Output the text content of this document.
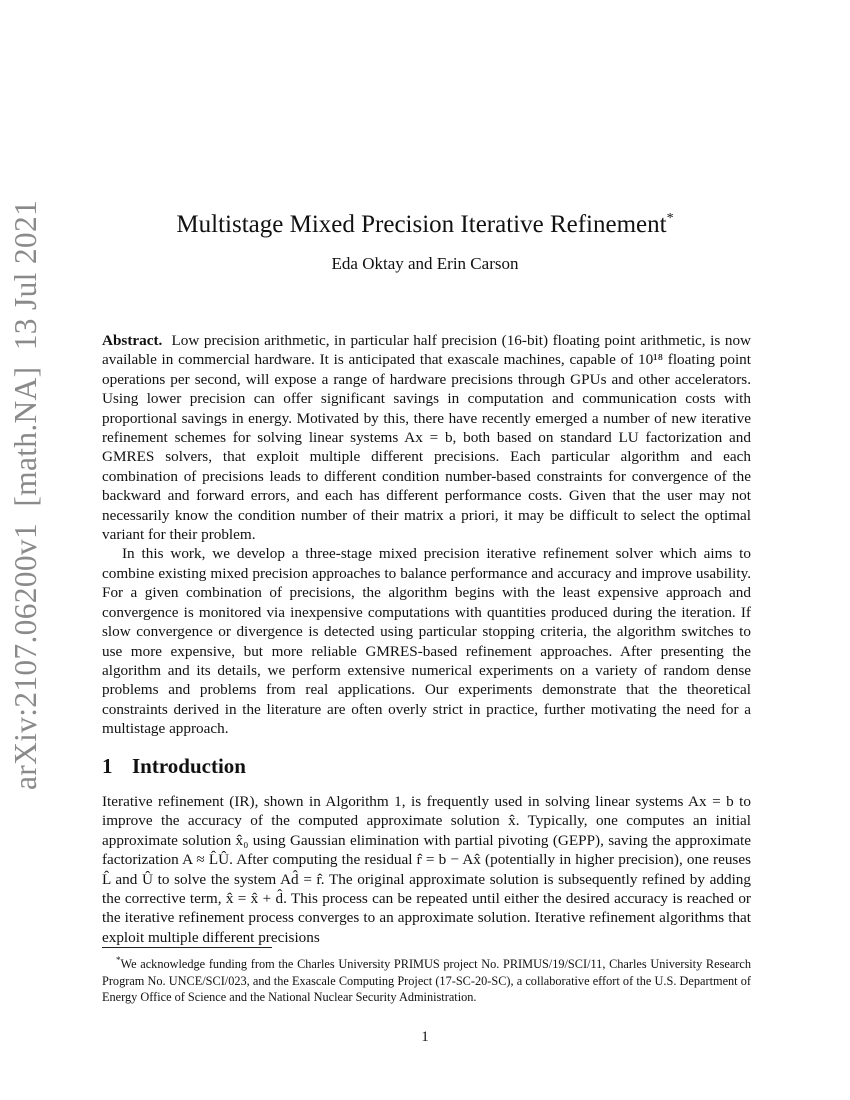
arXiv:2107.06200v1  [math.NA]  13 Jul 2021	Multistage Mixed Precision Iterative Refinement*
Eda Oktay and Erin Carson

Abstract. Low precision arithmetic, in particular half precision (16-bit) floating point arithmetic, is now available in commercial hardware. It is anticipated that exascale machines, capable of 10¹⁸ floating point operations per second, will expose a range of hardware precisions through GPUs and other accelerators. Using lower precision can offer significant savings in computation and communication costs with proportional savings in energy. Motivated by this, there have recently emerged a number of new iterative refinement schemes for solving linear systems Ax = b, both based on standard LU factorization and GMRES solvers, that exploit multiple different precisions. Each particular algorithm and each combination of precisions leads to different condition number-based constraints for convergence of the backward and forward errors, and each has different performance costs. Given that the user may not necessarily know the condition number of their matrix a priori, it may be difficult to select the optimal variant for their problem.

In this work, we develop a three-stage mixed precision iterative refinement solver which aims to combine existing mixed precision approaches to balance performance and accuracy and improve usability. For a given combination of precisions, the algorithm begins with the least expensive approach and convergence is monitored via inexpensive computations with quantities produced during the iteration. If slow convergence or divergence is detected using particular stopping criteria, the algorithm switches to use more expensive, but more reliable GMRES-based refinement approaches. After presenting the algorithm and its details, we perform extensive numerical experiments on a variety of random dense problems and problems from real applications. Our experiments demonstrate that the theoretical constraints derived in the literature are often overly strict in practice, further motivating the need for a multistage approach.

1 Introduction

Iterative refinement (IR), shown in Algorithm 1, is frequently used in solving linear systems Ax = b to improve the accuracy of the computed approximate solution x̂. Typically, one computes an initial approximate solution x̂₀ using Gaussian elimination with partial pivoting (GEPP), saving the approximate factorization A ≈ L̂Û. After computing the residual r̂ = b − Ax̂ (potentially in higher precision), one reuses L̂ and Û to solve the system Ad̂ = r̂. The original approximate solution is subsequently refined by adding the corrective term, x̂ = x̂ + d̂. This process can be repeated until either the desired accuracy is reached or the iterative refinement process converges to an approximate solution. Iterative refinement algorithms that exploit multiple different precisions

*We acknowledge funding from the Charles University PRIMUS project No. PRIMUS/19/SCI/11, Charles University Research Program No. UNCE/SCI/023, and the Exascale Computing Project (17-SC-20-SC), a collaborative effort of the U.S. Department of Energy Office of Science and the National Nuclear Security Administration.

1
